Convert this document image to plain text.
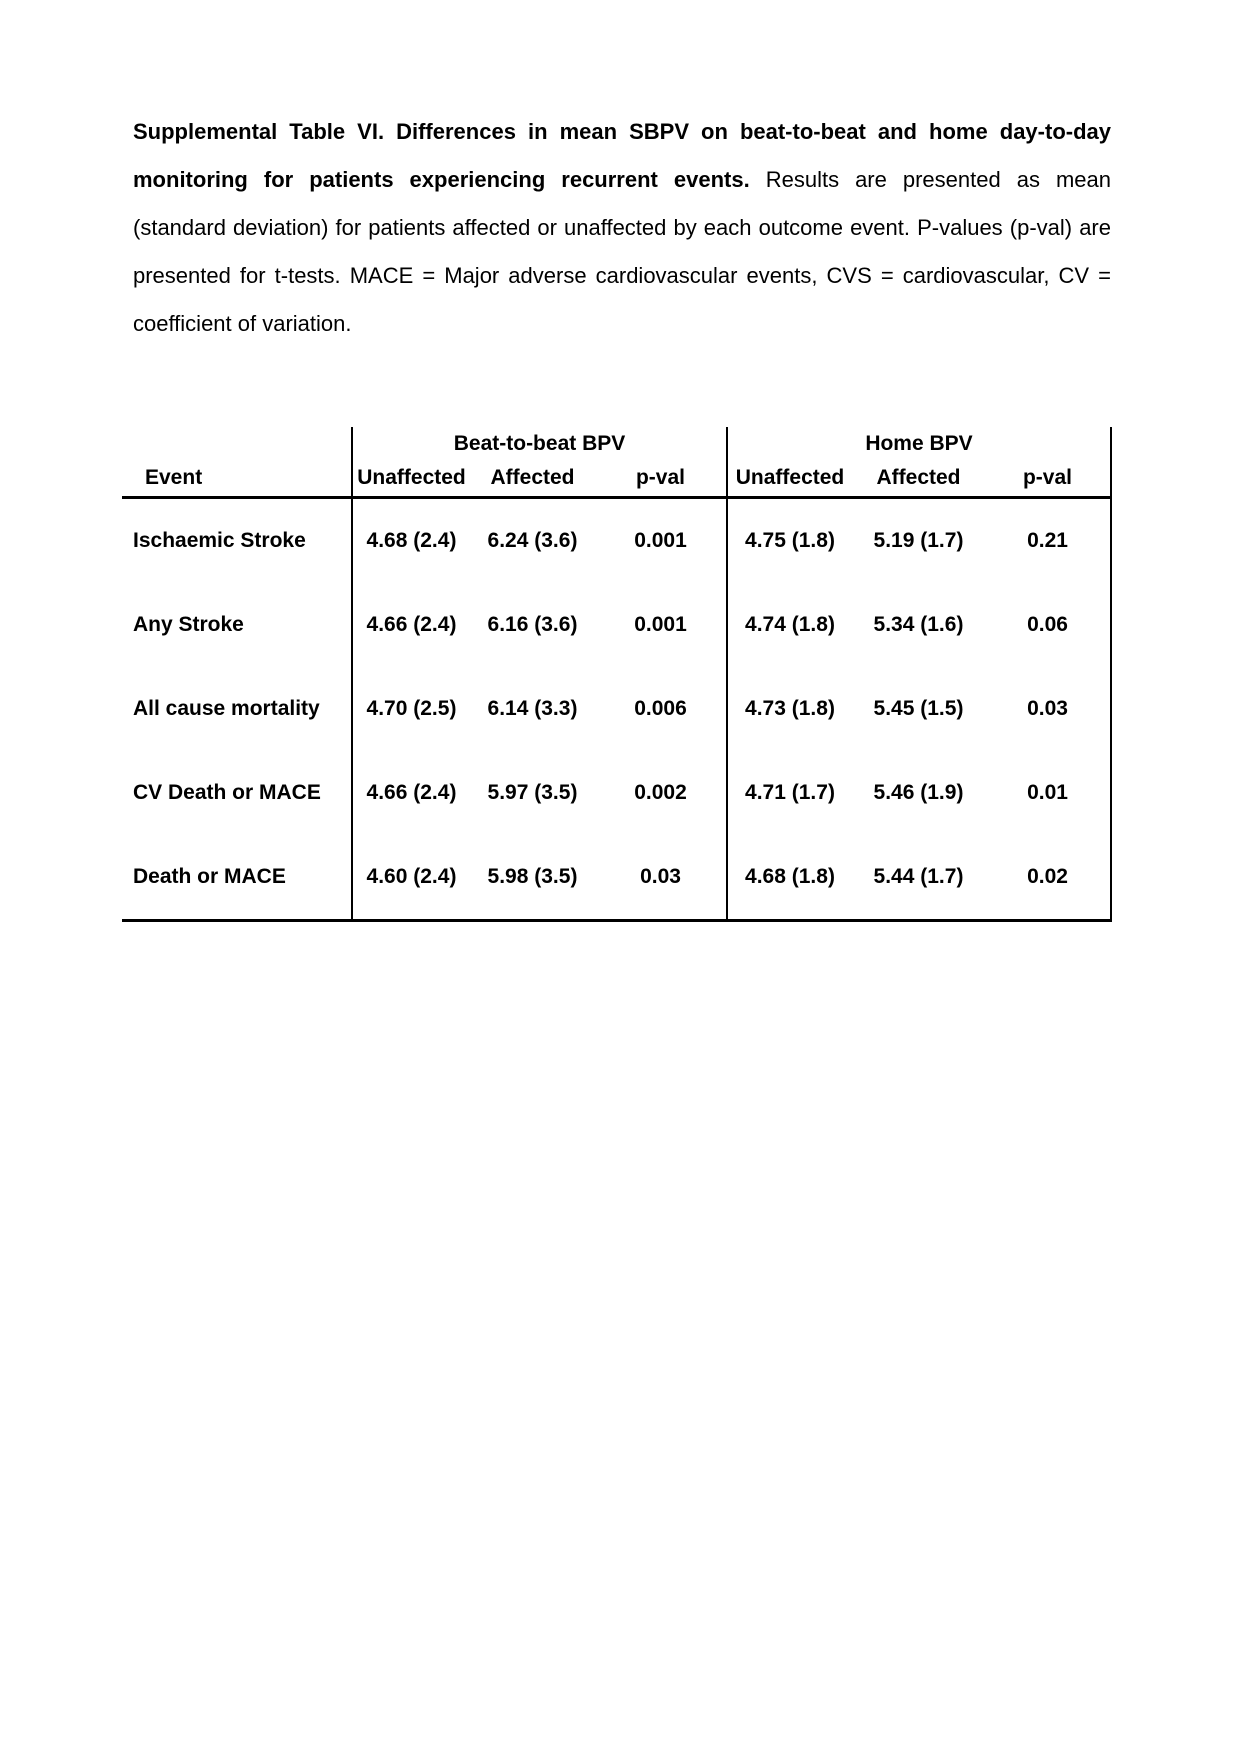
Supplemental Table VI. Differences in mean SBPV on beat-to-beat and home day-to-day monitoring for patients experiencing recurrent events. Results are presented as mean (standard deviation) for patients affected or unaffected by each outcome event. P-values (p-val) are presented for t-tests. MACE = Major adverse cardiovascular events, CVS = cardiovascular, CV = coefficient of variation.

	Beat-to-beat BPV			Home BPV		
Event	Unaffected	Affected	p-val	Unaffected	Affected	p-val
Ischaemic Stroke	4.68 (2.4)	6.24 (3.6)	0.001	4.75 (1.8)	5.19 (1.7)	0.21
Any Stroke	4.66 (2.4)	6.16 (3.6)	0.001	4.74 (1.8)	5.34 (1.6)	0.06
All cause mortality	4.70 (2.5)	6.14 (3.3)	0.006	4.73 (1.8)	5.45 (1.5)	0.03
CV Death or MACE	4.66 (2.4)	5.97 (3.5)	0.002	4.71 (1.7)	5.46 (1.9)	0.01
Death or MACE	4.60 (2.4)	5.98 (3.5)	0.03	4.68 (1.8)	5.44 (1.7)	0.02
